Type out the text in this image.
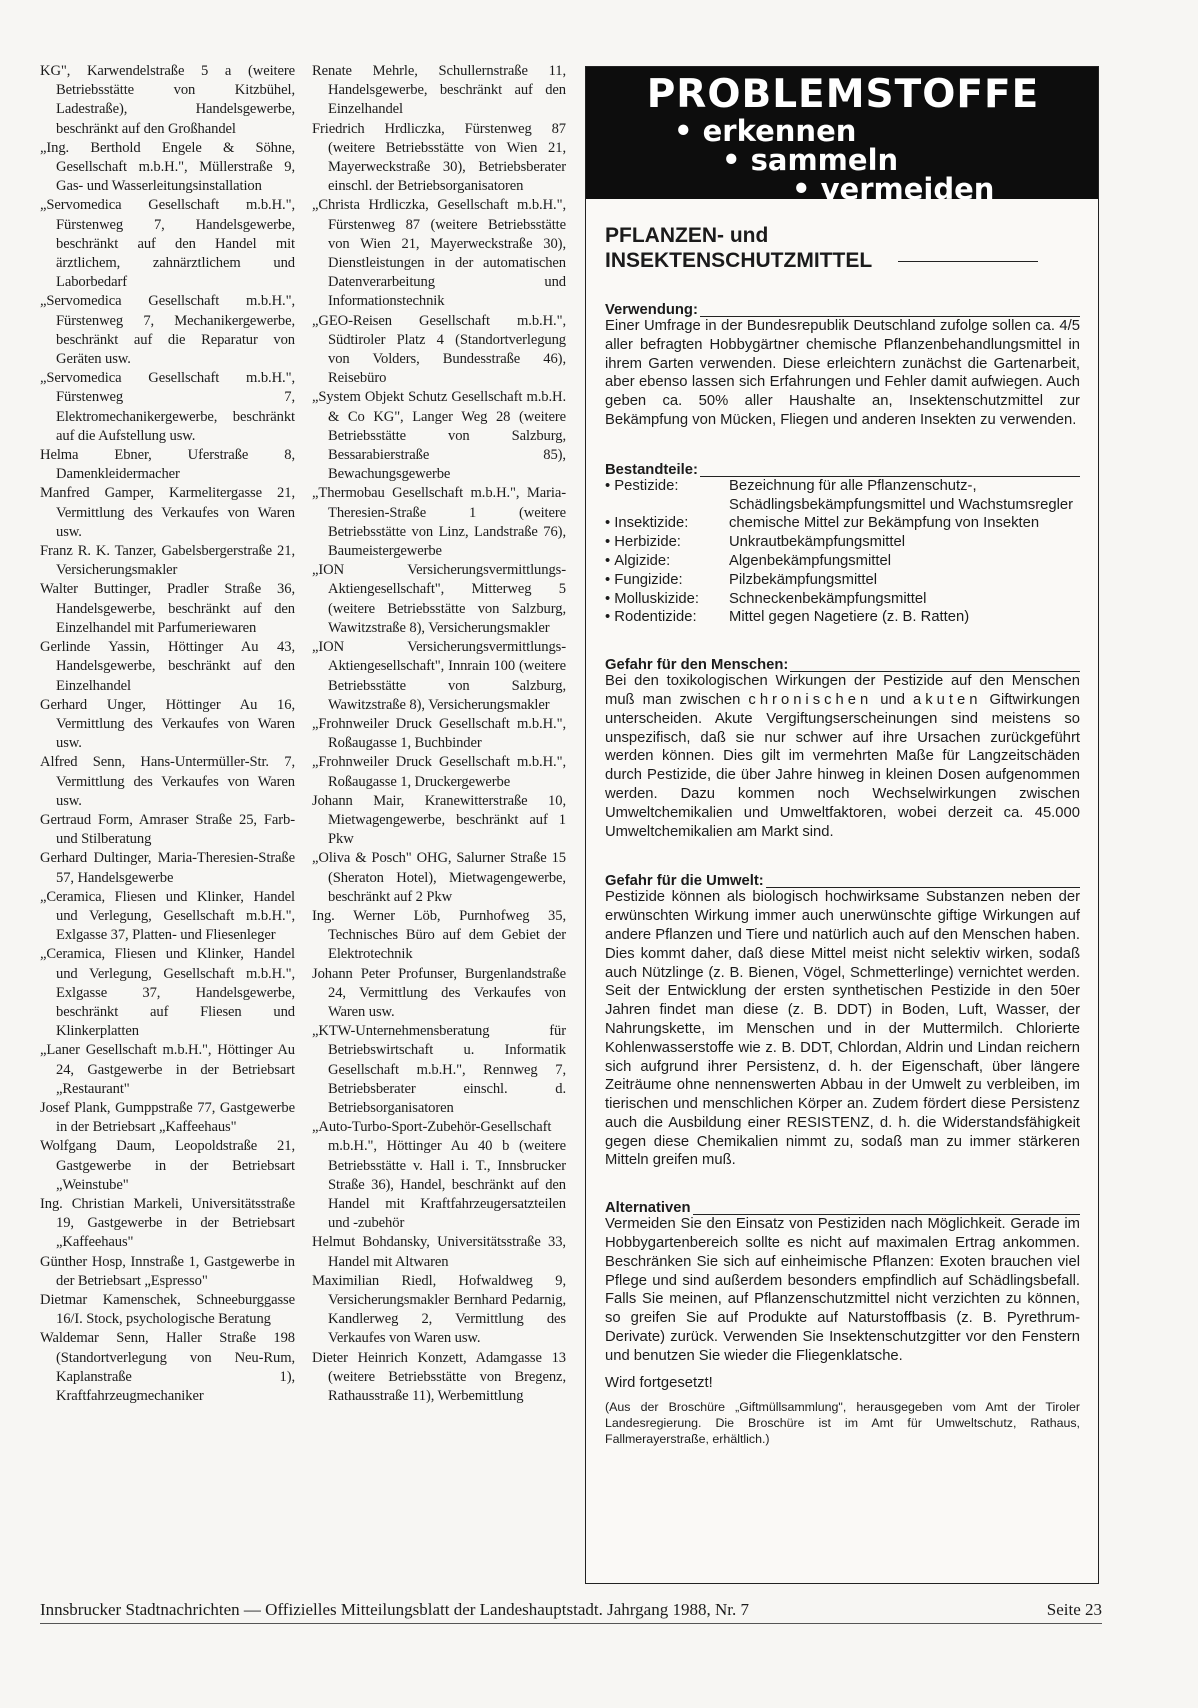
KG", Karwendelstraße 5 a (weitere Betriebsstätte von Kitzbühel, Ladestraße), Handelsgewerbe, beschränkt auf den Großhandel
„Ing. Berthold Engele & Söhne, Gesellschaft m.b.H.", Müllerstraße 9, Gas- und Wasserleitungsinstallation
„Servomedica Gesellschaft m.b.H.", Fürstenweg 7, Handelsgewerbe, beschränkt auf den Handel mit ärztlichem, zahnärztlichem und Laborbedarf
„Servomedica Gesellschaft m.b.H.", Fürstenweg 7, Mechanikergewerbe, beschränkt auf die Reparatur von Geräten usw.
„Servomedica Gesellschaft m.b.H.", Fürstenweg 7, Elektromechanikergewerbe, beschränkt auf die Aufstellung usw.
Helma Ebner, Uferstraße 8, Damenkleidermacher
Manfred Gamper, Karmelitergasse 21, Vermittlung des Verkaufes von Waren usw.
Franz R. K. Tanzer, Gabelsbergerstraße 21, Versicherungsmakler
Walter Buttinger, Pradler Straße 36, Handelsgewerbe, beschränkt auf den Einzelhandel mit Parfumeriewaren
Gerlinde Yassin, Höttinger Au 43, Handelsgewerbe, beschränkt auf den Einzelhandel
Gerhard Unger, Höttinger Au 16, Vermittlung des Verkaufes von Waren usw.
Alfred Senn, Hans-Untermüller-Str. 7, Vermittlung des Verkaufes von Waren usw.
Gertraud Form, Amraser Straße 25, Farb- und Stilberatung
Gerhard Dultinger, Maria-Theresien-Straße 57, Handelsgewerbe
„Ceramica, Fliesen und Klinker, Handel und Verlegung, Gesellschaft m.b.H.", Exlgasse 37, Platten- und Fliesenleger
„Ceramica, Fliesen und Klinker, Handel und Verlegung, Gesellschaft m.b.H.", Exlgasse 37, Handelsgewerbe, beschränkt auf Fliesen und Klinkerplatten
„Laner Gesellschaft m.b.H.", Höttinger Au 24, Gastgewerbe in der Betriebsart „Restaurant"
Josef Plank, Gumppstraße 77, Gastgewerbe in der Betriebsart „Kaffeehaus"
Wolfgang Daum, Leopoldstraße 21, Gastgewerbe in der Betriebsart „Weinstube"
Ing. Christian Markeli, Universitätsstraße 19, Gastgewerbe in der Betriebsart „Kaffeehaus"
Günther Hosp, Innstraße 1, Gastgewerbe in der Betriebsart „Espresso"
Dietmar Kamenschek, Schneeburggasse 16/I. Stock, psychologische Beratung
Waldemar Senn, Haller Straße 198 (Standortverlegung von Neu-Rum, Kaplanstraße 1), Kraftfahrzeugmechaniker
Renate Mehrle, Schullernstraße 11, Handelsgewerbe, beschränkt auf den Einzelhandel
Friedrich Hrdliczka, Fürstenweg 87 (weitere Betriebsstätte von Wien 21, Mayerweckstraße 30), Betriebsberater einschl. der Betriebsorganisatoren
„Christa Hrdliczka, Gesellschaft m.b.H.", Fürstenweg 87 (weitere Betriebsstätte von Wien 21, Mayerweckstraße 30), Dienstleistungen in der automatischen Datenverarbeitung und Informationstechnik
„GEO-Reisen Gesellschaft m.b.H.", Südtiroler Platz 4 (Standortverlegung von Volders, Bundesstraße 46), Reisebüro
„System Objekt Schutz Gesellschaft m.b.H. & Co KG", Langer Weg 28 (weitere Betriebsstätte von Salzburg, Bessarabierstraße 85), Bewachungsgewerbe
„Thermobau Gesellschaft m.b.H.", Maria-Theresien-Straße 1 (weitere Betriebsstätte von Linz, Landstraße 76), Baumeistergewerbe
„ION Versicherungsvermittlungs-Aktiengesellschaft", Mitterweg 5 (weitere Betriebsstätte von Salzburg, Wawitzstraße 8), Versicherungsmakler
„ION Versicherungsvermittlungs-Aktiengesellschaft", Innrain 100 (weitere Betriebsstätte von Salzburg, Wawitzstraße 8), Versicherungsmakler
„Frohnweiler Druck Gesellschaft m.b.H.", Roßaugasse 1, Buchbinder
„Frohnweiler Druck Gesellschaft m.b.H.", Roßaugasse 1, Druckergewerbe
Johann Mair, Kranewitterstraße 10, Mietwagengewerbe, beschränkt auf 1 Pkw
„Oliva & Posch" OHG, Salurner Straße 15 (Sheraton Hotel), Mietwagengewerbe, beschränkt auf 2 Pkw
Ing. Werner Löb, Purnhofweg 35, Technisches Büro auf dem Gebiet der Elektrotechnik
Johann Peter Profunser, Burgenlandstraße 24, Vermittlung des Verkaufes von Waren usw.
„KTW-Unternehmensberatung für Betriebswirtschaft u. Informatik Gesellschaft m.b.H.", Rennweg 7, Betriebsberater einschl. d. Betriebsorganisatoren
„Auto-Turbo-Sport-Zubehör-Gesellschaft m.b.H.", Höttinger Au 40 b (weitere Betriebsstätte v. Hall i. T., Innsbrucker Straße 36), Handel, beschränkt auf den Handel mit Kraftfahrzeugersatzteilen und -zubehör
Helmut Bohdansky, Universitätsstraße 33, Handel mit Altwaren
Maximilian Riedl, Hofwaldweg 9, Versicherungsmakler Bernhard Pedarnig, Kandlerweg 2, Vermittlung des Verkaufes von Waren usw.
Dieter Heinrich Konzett, Adamgasse 13 (weitere Betriebsstätte von Bregenz, Rathausstraße 11), Werbemittlung
PROBLEMSTOFFE
• erkennen
• sammeln
• vermeiden
PFLANZEN- und
INSEKTENSCHUTZMITTEL
Verwendung:
Einer Umfrage in der Bundesrepublik Deutschland zufolge sollen ca. 4/5 aller befragten Hobbygärtner chemische Pflanzenbehandlungsmittel in ihrem Garten verwenden. Diese erleichtern zunächst die Gartenarbeit, aber ebenso lassen sich Erfahrungen und Fehler damit aufwiegen. Auch geben ca. 50% aller Haushalte an, Insektenschutzmittel zur Bekämpfung von Mücken, Fliegen und anderen Insekten zu verwenden.
Bestandteile:
• Pestizide:	Bezeichnung für alle Pflanzenschutz-, Schädlingsbekämpfungsmittel und Wachstumsregler
• Insektizide:	chemische Mittel zur Bekämpfung von Insekten
• Herbizide:	Unkrautbekämpfungsmittel
• Algizide:	Algenbekämpfungsmittel
• Fungizide:	Pilzbekämpfungsmittel
• Molluskizide:	Schneckenbekämpfungsmittel
• Rodentizide:	Mittel gegen Nagetiere (z. B. Ratten)
Gefahr für den Menschen:
Bei den toxikologischen Wirkungen der Pestizide auf den Menschen muß man zwischen chronischen und akuten Giftwirkungen unterscheiden. Akute Vergiftungserscheinungen sind meistens so unspezifisch, daß sie nur schwer auf ihre Ursachen zurückgeführt werden können. Dies gilt im vermehrten Maße für Langzeitschäden durch Pestizide, die über Jahre hinweg in kleinen Dosen aufgenommen werden. Dazu kommen noch Wechselwirkungen zwischen Umweltchemikalien und Umweltfaktoren, wobei derzeit ca. 45.000 Umweltchemikalien am Markt sind.
Gefahr für die Umwelt:
Pestizide können als biologisch hochwirksame Substanzen neben der erwünschten Wirkung immer auch unerwünschte giftige Wirkungen auf andere Pflanzen und Tiere und natürlich auch auf den Menschen haben. Dies kommt daher, daß diese Mittel meist nicht selektiv wirken, sodaß auch Nützlinge (z. B. Bienen, Vögel, Schmetterlinge) vernichtet werden. Seit der Entwicklung der ersten synthetischen Pestizide in den 50er Jahren findet man diese (z. B. DDT) in Boden, Luft, Wasser, der Nahrungskette, im Menschen und in der Muttermilch. Chlorierte Kohlenwasserstoffe wie z. B. DDT, Chlordan, Aldrin und Lindan reichern sich aufgrund ihrer Persistenz, d. h. der Eigenschaft, über längere Zeiträume ohne nennenswerten Abbau in der Umwelt zu verbleiben, im tierischen und menschlichen Körper an. Zudem fördert diese Persistenz auch die Ausbildung einer RESISTENZ, d. h. die Widerstandsfähigkeit gegen diese Chemikalien nimmt zu, sodaß man zu immer stärkeren Mitteln greifen muß.
Alternativen
Vermeiden Sie den Einsatz von Pestiziden nach Möglichkeit. Gerade im Hobbygartenbereich sollte es nicht auf maximalen Ertrag ankommen. Beschränken Sie sich auf einheimische Pflanzen: Exoten brauchen viel Pflege und sind außerdem besonders empfindlich auf Schädlingsbefall. Falls Sie meinen, auf Pflanzenschutzmittel nicht verzichten zu können, so greifen Sie auf Produkte auf Naturstoffbasis (z. B. Pyrethrum-Derivate) zurück. Verwenden Sie Insektenschutzgitter vor den Fenstern und benutzen Sie wieder die Fliegenklatsche.
Wird fortgesetzt!
(Aus der Broschüre „Giftmüllsammlung", herausgegeben vom Amt der Tiroler Landesregierung. Die Broschüre ist im Amt für Umweltschutz, Rathaus, Fallmerayerstraße, erhältlich.)
Innsbrucker Stadtnachrichten — Offizielles Mitteilungsblatt der Landeshauptstadt. Jahrgang 1988, Nr. 7	Seite 23
